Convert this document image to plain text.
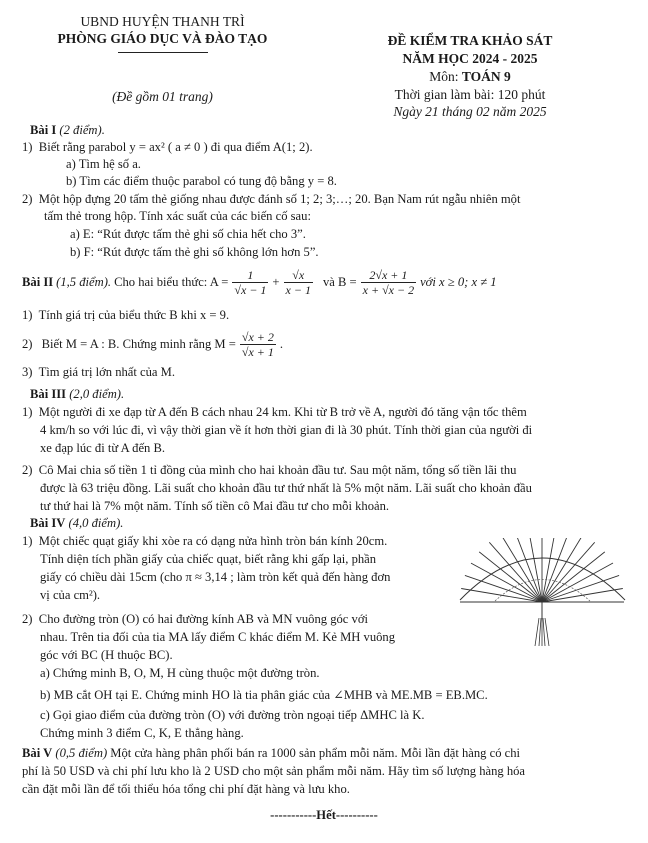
UBND HUYỆN THANH TRÌ
PHÒNG GIÁO DỤC VÀ ĐÀO TẠO
(Đề gồm 01 trang)
ĐỀ KIỂM TRA KHẢO SÁT
NĂM HỌC 2024 - 2025
Môn: TOÁN 9
Thời gian làm bài: 120 phút
Ngày 21 tháng 02 năm 2025
Bài I (2 điểm).
1) Biết rằng parabol y = ax² ( a ≠ 0 ) đi qua điểm A(1; 2).
a) Tìm hệ số a.
b) Tìm các điểm thuộc parabol có tung độ bằng y = 8.
2) Một hộp đựng 20 tấm thẻ giống nhau được đánh số 1; 2; 3;…; 20. Bạn Nam rút ngẫu nhiên một
tấm thẻ trong hộp. Tính xác suất của các biến cố sau:
a) E: “Rút được tấm thẻ ghi số chia hết cho 3”.
b) F: “Rút được tấm thẻ ghi số không lớn hơn 5”.
Bài II (1,5 điểm). Cho hai biểu thức: $A = \frac{1}{√x - 1} + \frac{√x}{x - 1}$ và $B = \frac{2√x + 1}{x + √x - 2}$ với x ≥ 0; x ≠ 1
1) Tính giá trị của biểu thức B khi x = 9.
2)
Biết M = A : B. Chứng minh rằng $M = \frac{√x + 2}{√x + 1}$ .
3) Tìm giá trị lớn nhất của M.
Bài III (2,0 điểm).
1) Một người đi xe đạp từ A đến B cách nhau 24 km. Khi từ B trở về A, người đó tăng vận tốc thêm
4 km/h so với lúc đi, vì vậy thời gian về ít hơn thời gian đi là 30 phút. Tính thời gian của người đi
xe đạp lúc đi từ A đến B.
2) Cô Mai chia số tiền 1 tỉ đồng của mình cho hai khoản đầu tư. Sau một năm, tổng số tiền lãi thu
được là 63 triệu đồng. Lãi suất cho khoản đầu tư thứ nhất là 5% một năm. Lãi suất cho khoản đầu
tư thứ hai là 7% một năm. Tính số tiền cô Mai đầu tư cho mỗi khoản.
Bài IV (4,0 điểm).
1) Một chiếc quạt giấy khi xòe ra có dạng nửa hình tròn bán kính 20cm.
Tính diện tích phần giấy của chiếc quạt, biết rằng khi gấp lại, phần
giấy có chiều dài 15cm (cho π ≈ 3,14 ; làm tròn kết quả đến hàng đơn
vị của cm²).
2) Cho đường tròn (O) có hai đường kính AB và MN vuông góc với
nhau. Trên tia đối của tia MA lấy điểm C khác điểm M. Kẻ MH vuông
góc với BC (H thuộc BC).
a) Chứng minh B, O, M, H cùng thuộc một đường tròn.
b) MB cắt OH tại E. Chứng minh HO là tia phân giác của ∠MHB và ME.MB = EB.MC.
c) Gọi giao điểm của đường tròn (O) với đường tròn ngoại tiếp ΔMHC là K.
Chứng minh 3 điểm C, K, E thẳng hàng.
Bài V (0,5 điểm) Một cửa hàng phân phối bán ra 1000 sản phẩm mỗi năm. Mỗi lần đặt hàng có chi
phí là 50 USD và chi phí lưu kho là 2 USD cho một sản phẩm mỗi năm. Hãy tìm số lượng hàng hóa
cần đặt mỗi lần để tối thiểu hóa tổng chi phí đặt hàng và lưu kho.
-----------Hết----------
